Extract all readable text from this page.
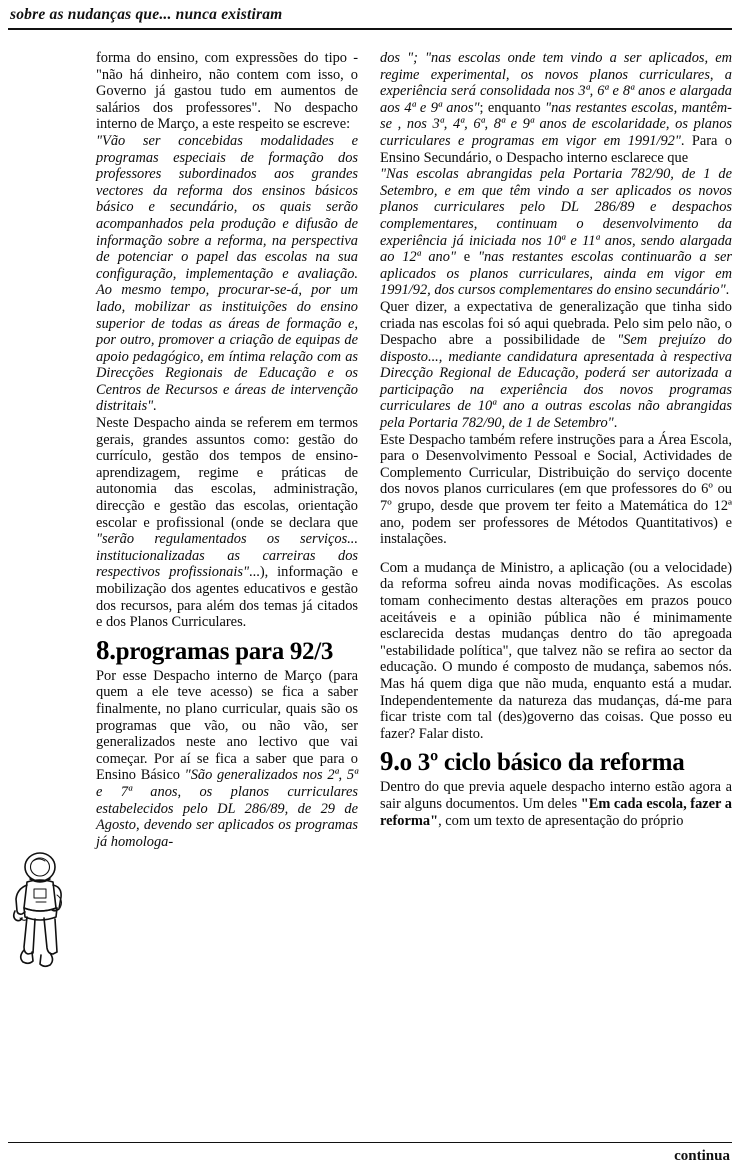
sobre as nudanças que... nunca existiram

forma do ensino, com expressões do tipo - "não há dinheiro, não contem com isso, o Governo já gastou tudo em aumentos de salários dos professores". No despacho interno de Março, a este respeito se escreve:

"Vão ser concebidas modalidades e programas especiais de formação dos professores subordinados aos grandes vectores da reforma dos ensinos básicos básico e secundário, os quais serão acompanhados pela produção e difusão de informação sobre a reforma, na perspectiva de potenciar o papel das escolas na sua configuração, implementação e avaliação. Ao mesmo tempo, procurar-se-á, por um lado, mobilizar as instituições do ensino superior de todas as áreas de formação e, por outro, promover a criação de equipas de apoio pedagógico, em íntima relação com as Direcções Regionais de Educação e os Centros de Recursos e áreas de intervenção distritais".

Neste Despacho ainda se referem em termos gerais, grandes assuntos como: gestão do currículo, gestão dos tempos de ensino-aprendizagem, regime e práticas de autonomia das escolas, administração, direcção e gestão das escolas, orientação escolar e profissional (onde se declara que "serão regulamentados os serviços... institucionalizadas as carreiras dos respectivos profissionais"...), informação e mobilização dos agentes educativos e gestão dos recursos, para além dos temas já citados e dos Planos Curriculares.

8.programas para 92/3

Por esse Despacho interno de Março (para quem a ele teve acesso) se fica a saber finalmente, no plano curricular, quais são os programas que vão, ou não vão, ser generalizados neste ano lectivo que vai começar. Por aí se fica a saber que para o Ensino Básico "São generalizados nos 2ª, 5ª e 7ª anos, os planos curriculares estabelecidos pelo DL 286/89, de 29 de Agosto, devendo ser aplicados os programas já homologa-

dos "; "nas escolas onde tem vindo a ser aplicados, em regime experimental, os novos planos curriculares, a experiência será consolidada nos 3ª, 6ª e 8ª anos e alargada aos 4ª e 9ª anos"; enquanto "nas restantes escolas, mantêm-se , nos 3ª, 4ª, 6ª, 8ª e 9ª anos de escolaridade, os planos curriculares e programas em vigor em 1991/92". Para o Ensino Secundário, o Despacho interno esclarece que

"Nas escolas abrangidas pela Portaria 782/90, de 1 de Setembro, e em que têm vindo a ser aplicados os novos planos curriculares pelo DL 286/89 e despachos complementares, continuam o desenvolvimento da experiência já iniciada nos 10ª e 11ª anos, sendo alargada ao 12ª ano" e "nas restantes escolas continuarão a ser aplicados os planos curriculares, ainda em vigor em 1991/92, dos cursos complementares do ensino secundário".

Quer dizer, a expectativa de generalização que tinha sido criada nas escolas foi só aqui quebrada. Pelo sim pelo não, o Despacho abre a possibilidade de "Sem prejuízo do disposto..., mediante candidatura apresentada à respectiva Direcção Regional de Educação, poderá ser autorizada a participação na experiência dos novos programas curriculares de 10ª ano a outras escolas não abrangidas pela Portaria 782/90, de 1 de Setembro".

Este Despacho também refere instruções para a Área Escola, para o Desenvolvimento Pessoal e Social, Actividades de Complemento Curricular, Distribuição do serviço docente dos novos planos curriculares (em que professores do 6º ou 7º grupo, desde que provem ter feito a Matemática do 12ª ano, podem ser professores de Métodos Quantitativos) e instalações.

Com a mudança de Ministro, a aplicação (ou a velocidade) da reforma sofreu ainda novas modificações. As escolas tomam conhecimento destas alterações em prazos pouco aceitáveis e a opinião pública não é minimamente esclarecida destas mudanças dentro do tão apregoada "estabilidade política", que talvez não se refira ao sector da educação. O mundo é composto de mudança, sabemos nós. Mas há quem diga que não muda, enquanto está a mudar. Independentemente da natureza das mudanças, dá-me para ficar triste com tal (des)governo das coisas. Que posso eu fazer? Falar disto.

9.o 3º ciclo básico da reforma

Dentro do que previa aquele despacho interno estão agora a sair alguns documentos. Um deles "Em cada escola, fazer a reforma", com um texto de apresentação do próprio

continua
